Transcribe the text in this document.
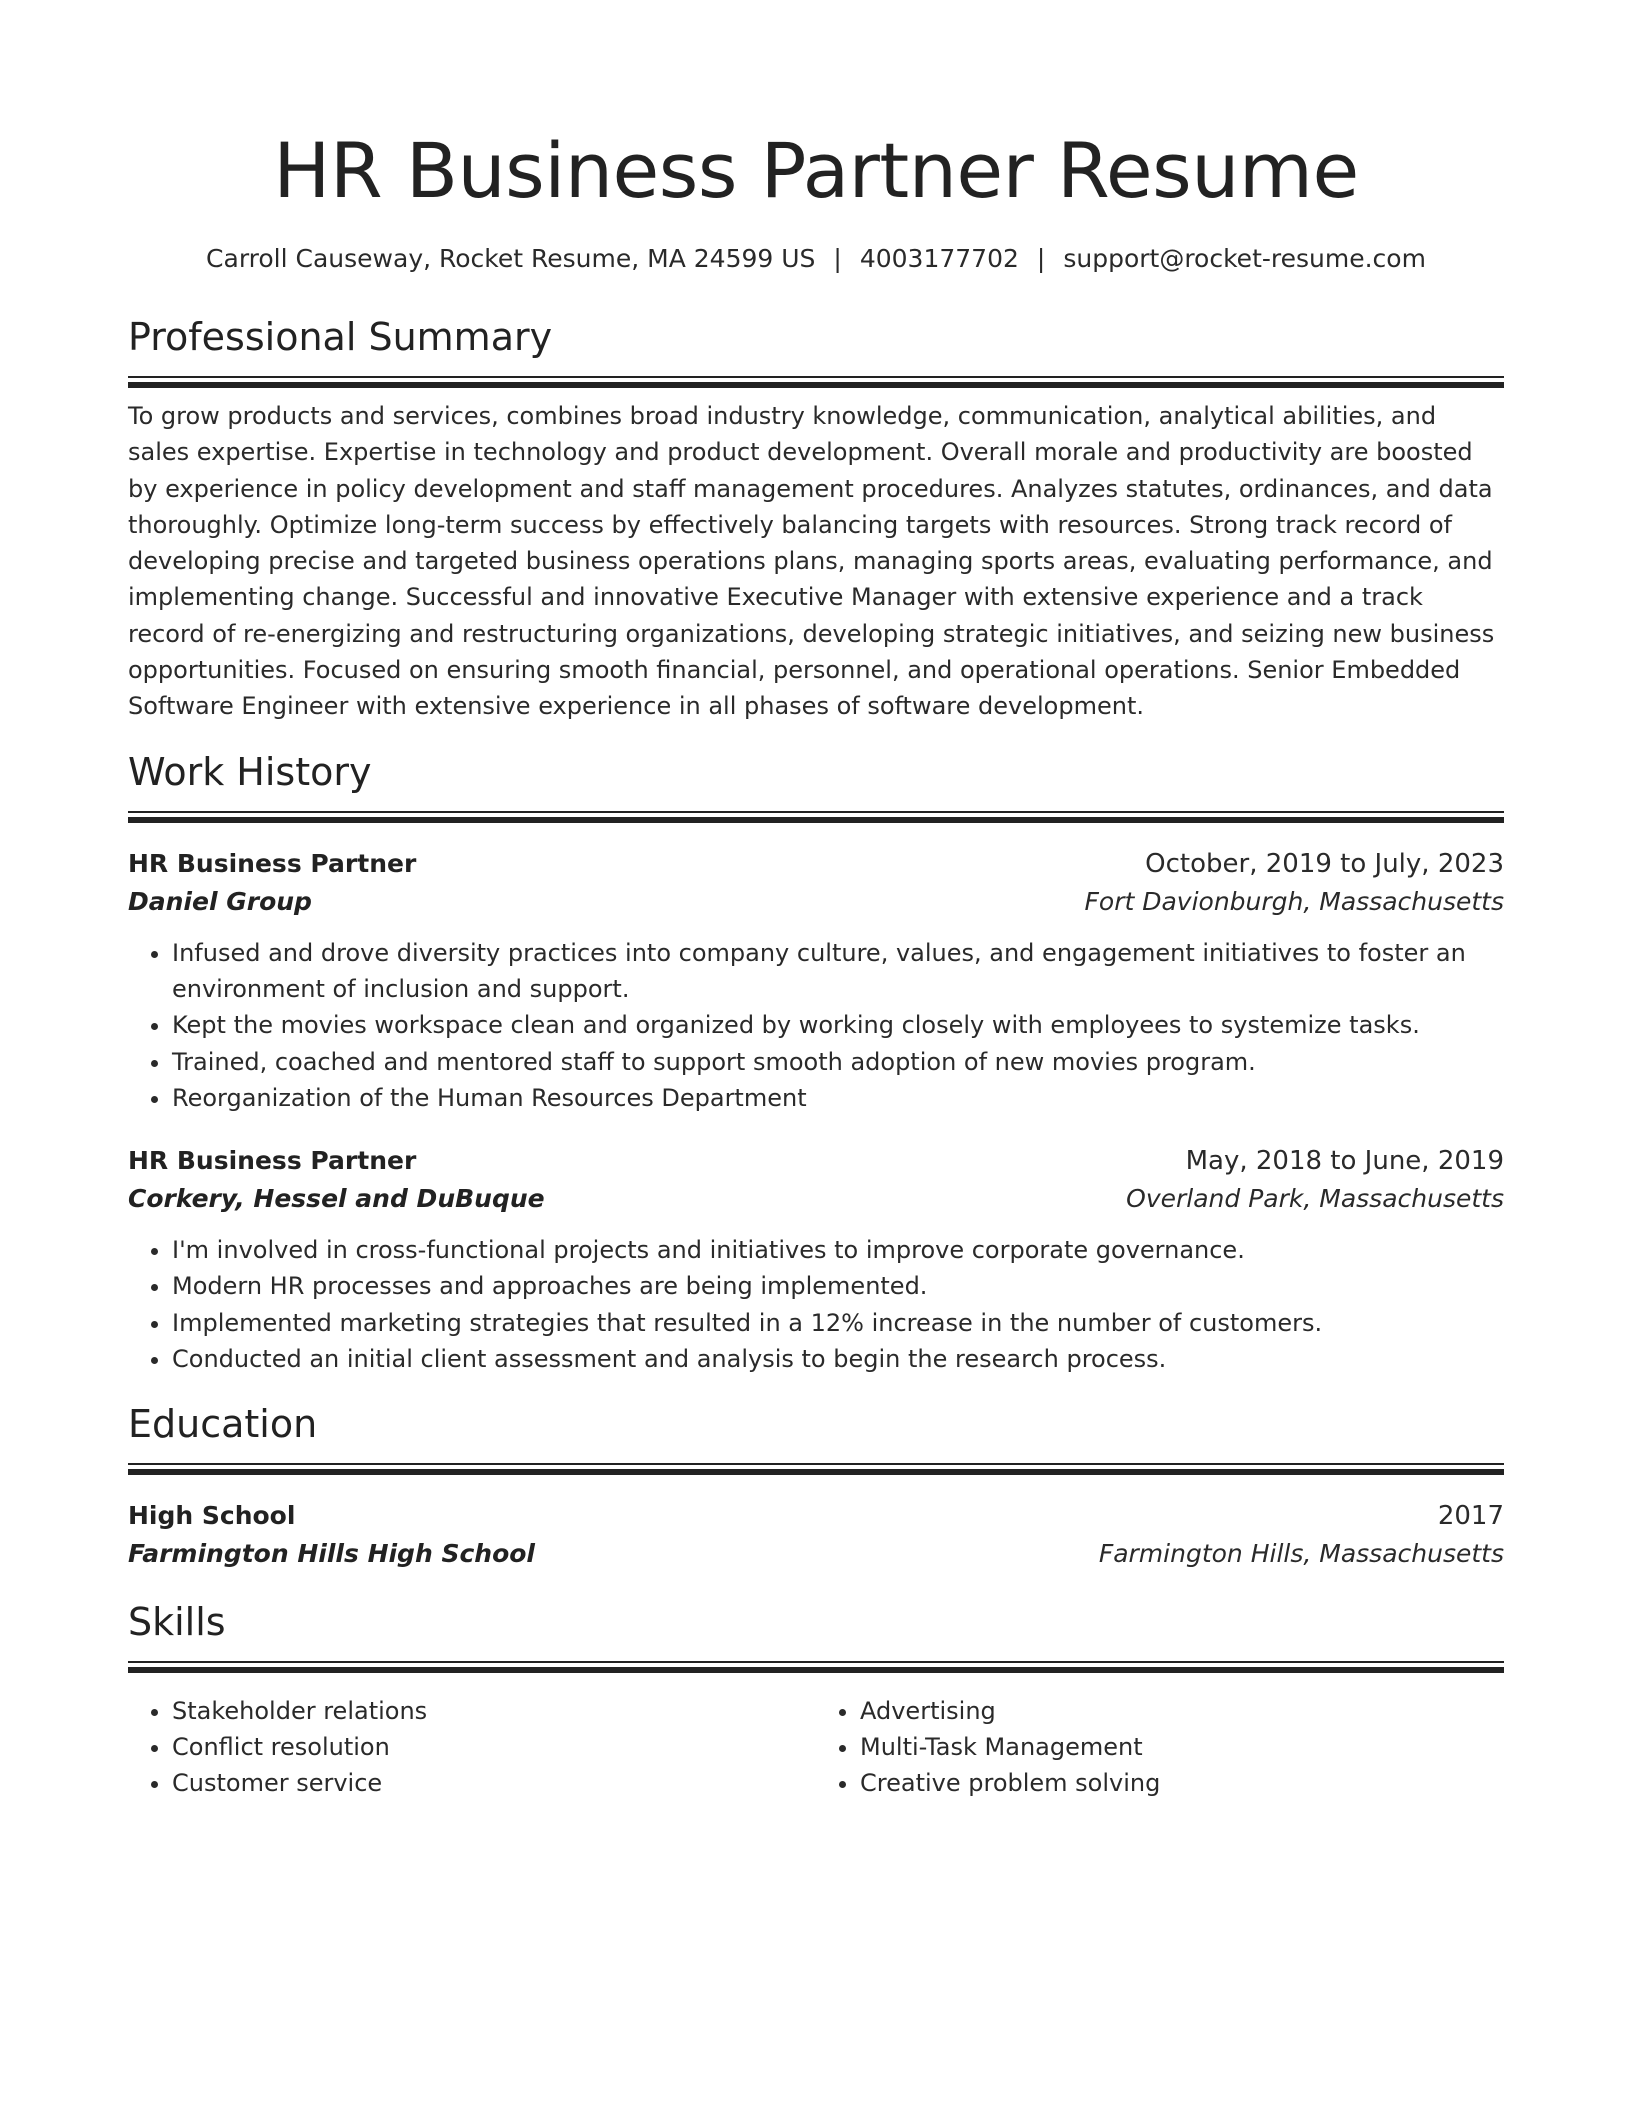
HR Business Partner Resume
Carroll Causeway, Rocket Resume, MA 24599 US | 4003177702 | support@rocket-resume.com
Professional Summary

To grow products and services, combines broad industry knowledge, communication, analytical abilities, and sales expertise. Expertise in technology and product development. Overall morale and productivity are boosted by experience in policy development and staff management procedures. Analyzes statutes, ordinances, and data thoroughly. Optimize long-term success by effectively balancing targets with resources. Strong track record of developing precise and targeted business operations plans, managing sports areas, evaluating performance, and implementing change. Successful and innovative Executive Manager with extensive experience and a track record of re-energizing and restructuring organizations, developing strategic initiatives, and seizing new business opportunities. Focused on ensuring smooth financial, personnel, and operational operations. Senior Embedded Software Engineer with extensive experience in all phases of software development.

Work History
HR Business Partner	October, 2019 to July, 2023
Daniel Group	Fort Davionburgh, Massachusetts
• Infused and drove diversity practices into company culture, values, and engagement initiatives to foster an environment of inclusion and support.
• Kept the movies workspace clean and organized by working closely with employees to systemize tasks.
• Trained, coached and mentored staff to support smooth adoption of new movies program.
• Reorganization of the Human Resources Department
HR Business Partner	May, 2018 to June, 2019
Corkery, Hessel and DuBuque	Overland Park, Massachusetts
• I'm involved in cross-functional projects and initiatives to improve corporate governance.
• Modern HR processes and approaches are being implemented.
• Implemented marketing strategies that resulted in a 12% increase in the number of customers.
• Conducted an initial client assessment and analysis to begin the research process.
Education
High School	2017
Farmington Hills High School	Farmington Hills, Massachusetts
Skills
• Stakeholder relations
• Conflict resolution
• Customer service
• Advertising
• Multi-Task Management
• Creative problem solving
